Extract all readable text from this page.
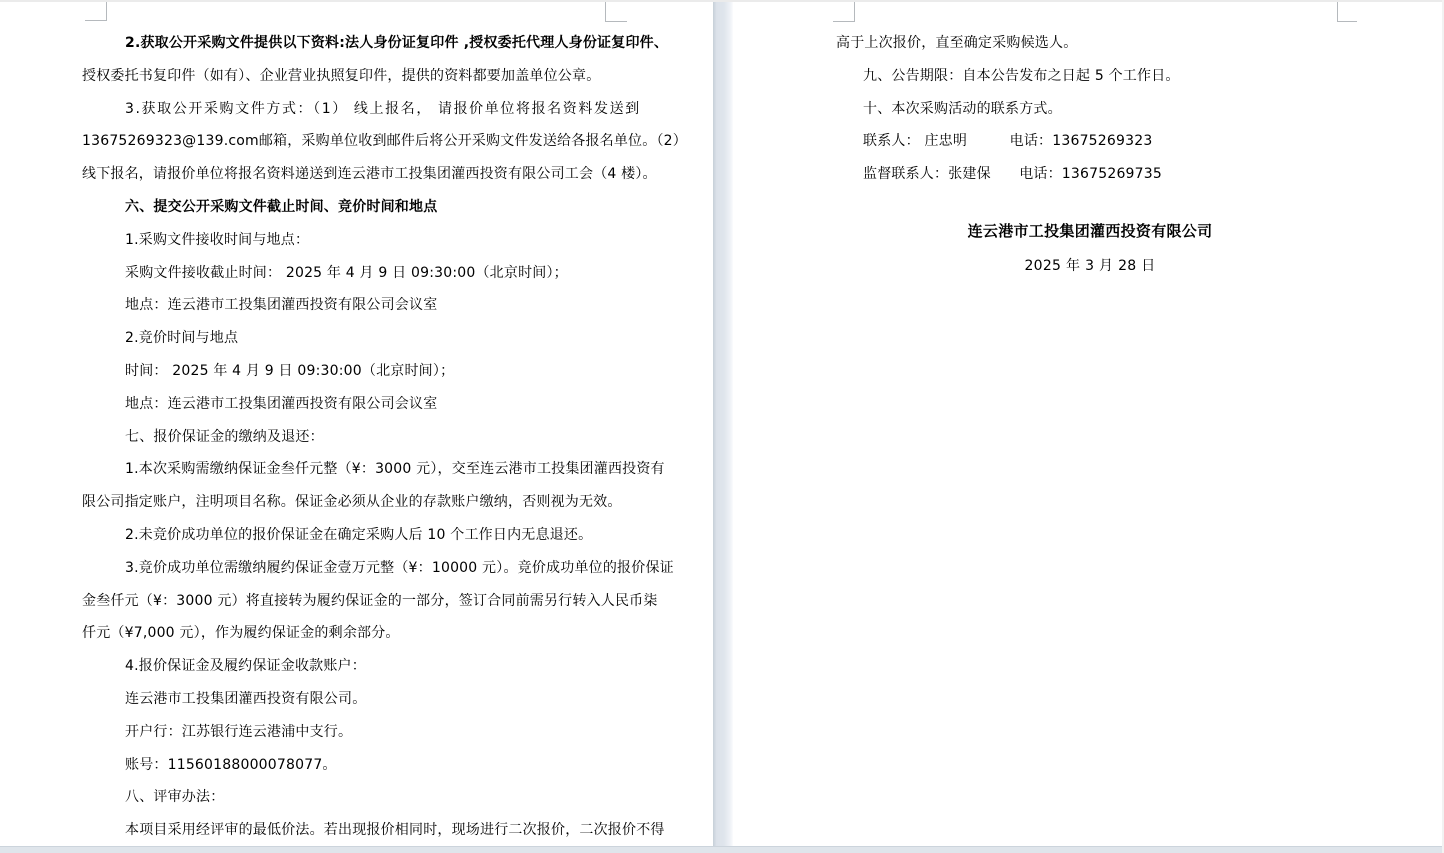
2.获取公开采购文件提供以下资料:法人身份证复印件 ,授权委托代理人身份证复印件、
授权委托书复印件（如有）、企业营业执照复印件，提供的资料都要加盖单位公章。
3.获取公开采购文件方式：（1） 线上报名， 请报价单位将报名资料发送到
13675269323@139.com邮箱，采购单位收到邮件后将公开采购文件发送给各报名单位。（2）
线下报名，请报价单位将报名资料递送到连云港市工投集团灌西投资有限公司工会（4 楼）。
六、提交公开采购文件截止时间、竞价时间和地点
1.采购文件接收时间与地点：
采购文件接收截止时间： 2025 年 4 月 9 日 09:30:00（北京时间）；
地点：连云港市工投集团灌西投资有限公司会议室
2.竞价时间与地点
时间： 2025 年 4 月 9 日 09:30:00（北京时间）；
地点：连云港市工投集团灌西投资有限公司会议室
七、报价保证金的缴纳及退还：
1.本次采购需缴纳保证金叁仟元整（¥：3000 元），交至连云港市工投集团灌西投资有
限公司指定账户，注明项目名称。保证金必须从企业的存款账户缴纳，否则视为无效。
2.未竞价成功单位的报价保证金在确定采购人后 10 个工作日内无息退还。
3.竞价成功单位需缴纳履约保证金壹万元整（¥：10000 元）。竞价成功单位的报价保证
金叁仟元（¥：3000 元）将直接转为履约保证金的一部分，签订合同前需另行转入人民币柒
仟元（¥7,000 元），作为履约保证金的剩余部分。
4.报价保证金及履约保证金收款账户：
连云港市工投集团灌西投资有限公司。
开户行：江苏银行连云港浦中支行。
账号：11560188000078077。
八、评审办法：
本项目采用经评审的最低价法。若出现报价相同时，现场进行二次报价，二次报价不得
高于上次报价，直至确定采购候选人。
九、公告期限：自本公告发布之日起 5 个工作日。
十、本次采购活动的联系方式。
联系人： 庄忠明　　　电话：13675269323
监督联系人：张建保　　电话：13675269735
连云港市工投集团灌西投资有限公司
2025 年 3 月 28 日
